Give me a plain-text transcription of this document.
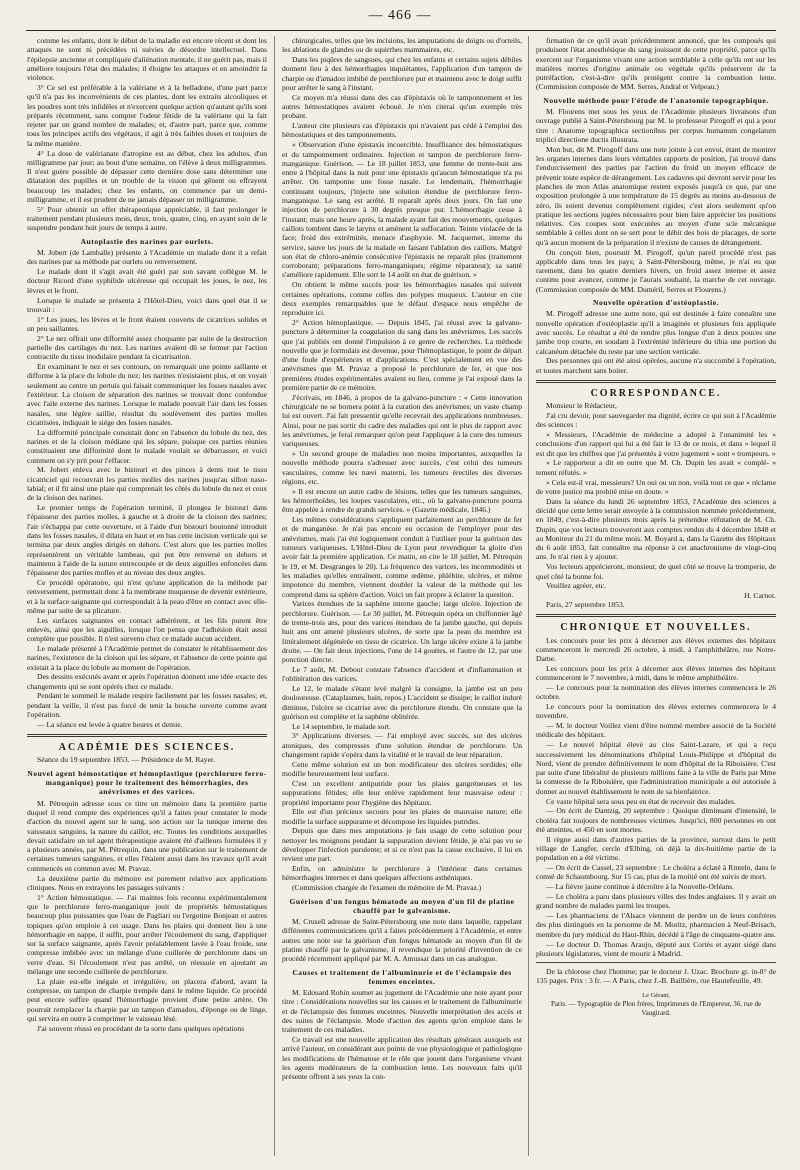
— 466 —

comme les enfants, dont le début de la maladie est encore récent et dont les attaques ne sont ni précédées ni suivies de désordre intellectuel. Dans l'épilepsie ancienne et compliquée d'aliénation mentale, il ne guérit pas, mais il améliore toujours l'état des malades; il éloigne les attaques et en amoindrit la violence.

3° Ce sel est préférable à la valériane et à la belladone, d'une part parce qu'il n'a pas les inconvénients de ces plantes, dont les extraits alcooliques et les poudres sont très infidèles et n'exercent quelque action qu'autant qu'ils sont préparés récemment, sans compter l'odeur fétide de la valériane qui la fait rejeter par un grand nombre de malades; et, d'autre part, parce que, comme tous les principes actifs des végétaux, il agit à très faibles doses et toujours de la même manière.

4° La dose de valérianate d'atropine est au début, chez les adultes, d'un milligramme par jour; au bout d'une semaine, on l'élève à deux milligrammes. Il n'est guère possible de dépasser cette dernière dose sans déterminer une dilatation des pupilles et un trouble de la vision qui gênent ou effrayent beaucoup les malades; chez les enfants, on commence par un demi-milligramme, et il est prudent de ne jamais dépasser un milligramme.

5° Pour obtenir un effet thérapeutique appréciable, il faut prolonger le traitement pendant plusieurs mois, deux, trois, quatre, cinq, en ayant soin de le suspendre pendant huit jours de temps à autre.

Autoplastie des narines par ourlets.

M. Jobert (de Lamballe) présente à l'Académie un malade dont il a refait des narines par sa méthode par ourlets ou renversement.

Le malade dont il s'agit avait été guéri par son savant collègue M. le docteur Ricord d'une syphilide ulcéreuse qui occupait les joues, le nez, les lèvres et le front.

Lorsque le malade se présenta à l'Hôtel-Dieu, voici dans quel état il se trouvait :

1° Les joues, les lèvres et le front étaient couverts de cicatrices solides et un peu saillantes.

2° Le nez offrait une difformité assez choquante par suite de la destruction partielle des cartilages du nez. Les narines avaient dû se fermer par l'action contractile du tissu inodulaire pendant la cicatrisation.

En examinant le nez et ses contours, on remarquait une pointe saillante et difforme à la place du lobule du nez; les narines n'existaient plus, et on voyait seulement au centre un pertuis qui faisait communiquer les fosses nasales avec l'extérieur. La cloison de séparation des narines se trouvait donc confondue avec l'aile externe des narines. Lorsque le malade pouvait l'air dans les fosses nasales, une légère saillie, résultat du soulèvement des parties molles cicatrisées, indiquait le siége des fosses nasales.

La difformité principale consistait donc en l'absence du lobule du nez, des narines et de la cloison médiane qui les sépare, puisque ces parties réunies constituaient une difformité dont le malade voulait se débarrasser, et voici comment on s'y prit pour l'effacer.

M. Jobert enleva avec le bistouri et des pinces à dents tout le tissu cicatriciel qui recouvrait les parties molles des narines jusqu'au sillon naso-labial; et il fit ainsi une plaie qui comprenait les côtés du lobule du nez et ceux de la cloison des narines.

Le premier temps de l'opération terminé, il plongea le bistouri dans l'épaisseur des parties molles, à gauche et à droite de la cloison des narines; l'air s'échappa par cette ouverture, et à l'aide d'un bistouri boutonné introduit dans les fosses nasales, il dilata en haut et en bas cette incision verticale qui se termina par deux angles dirigés en dehors. C'est alors que les parties molles représentèrent un véritable lambeau, qui put être renversé en dehors et maintenu à l'aide de la suture entrecoupée et de deux aiguilles enfoncées dans l'épaisseur des parties molles et au niveau des deux angles.

Ce procédé opératoire, qui n'est qu'une application de la méthode par renversement, permettait donc à la membrane muqueuse de devenir extérieure, et à la surface saignante qui correspondait à la peau d'être en contact avec elle-même par suite de sa plicature.

Les surfaces saignantes en contact adhérèrent, et les fils purent être enlevés, ainsi que les aiguilles, lorsque l'on pensa que l'adhésion était aussi complète que possible. Il n'est survenu chez ce malade aucun accident.

Le malade présenté à l'Académie permet de constater le rétablissement des narines, l'existence de la cloison qui les sépare, et l'absence de cette pointe qui existait à la place du lobule au moment de l'opération.

Des dessins exécutés avant et après l'opération donnent une idée exacte des changements qui se sont opérés chez ce malade.

Pendant le sommeil le malade respire facilement par les fosses nasales; et, pendant la veille, il n'est pas forcé de tenir la bouche ouverte comme avant l'opération.

— La séance est levée à quatre heures et demie.

ACADÉMIE DES SCIENCES.

Séance du 19 septembre 1853. — Présidence de M. Rayer.

Nouvel agent hémostatique et hémoplastique (perchlorure ferro-manganique) pour le traitement des hémorrhagies, des anévrismes et des varices.

M. Pétrequin adresse sous ce titre un mémoire dans la première partie duquel il rend compte des expériences qu'il a faites pour constater le mode d'action du nouvel agent sur le sang, son action sur la tunique interne des vaisseaux sanguins, la nature du caillot, etc. Toutes les conditions auxquelles devait satisfaire un tel agent thérapeutique avaient été d'ailleurs formulées il y a plusieurs années, par M. Pétrequin, dans une publication sur le traitement de certaines tumeurs sanguines, et elles l'étaient aussi dans les travaux qu'il avait commencés en commun avec M. Pravaz.

La deuxième partie du mémoire est purement relative aux applications cliniques. Nous en extrayons les passages suivants :

1° Action hémostatique. — J'ai maintes fois reconnu expérimentalement que le perchlorure ferro-manganique jouit de propriétés hémostatiques beaucoup plus puissantes que l'eau de Pagliari ou l'ergotine Bonjean et autres topiques qu'on emploie à cet usage. Dans les plaies qui donnent lieu à une hémorrhagie en nappe, il suffit, pour arrêter l'écoulement du sang, d'appliquer sur la surface saignante, après l'avoir préalablement lavée à l'eau froide, une compresse imbibée avec un mélange d'une cuillerée de perchlorure dans un verre d'eau. Si l'écoulement n'est pas arrêté, on réessuie en ajoutant au mélange une seconde cuillerée de perchlorure.

La plaie est-elle inégale et irrégulière, on placera d'abord, avant la compresse, un tampon de charpie trempée dans le même liquide. Ce procédé peut encore suffire quand l'hémorrhagie provient d'une petite artère. On pourrait remplacer la charpie par un tampon d'amadou, d'éponge ou de linge, qui servira en outre à comprimer le vaisseau lésé.

J'ai souvent réussi en procédant de la sorte dans quelques opérations

chirurgicales, telles que les incisions, les amputations de doigts ou d'orteils, les ablations de glandes ou de squirrhes mammaires, etc.

Dans les piqûres de sangsues, qui chez les enfants et certains sujets débiles donnent lieu à des hémorrhagies inquiétantes, l'application d'un tampon de charpie ou d'amadou imbibé de perchlorure pur et maintenu avec le doigt suffit pour arrêter le sang à l'instant.

Ce moyen m'a réussi dans des cas d'épistaxis où le tamponnement et les autres hémostatiques avaient échoué. Je n'en citerai qu'un exemple très probant.

L'auteur cite plusieurs cas d'épistaxis qui n'avaient pas cédé à l'emploi des hémostatiques et des tamponnements.

« Observation d'une épistaxis incoercible. Insuffisance des hémostatiques et du tamponnement ordinaires. Injection et tampon de perchlorure ferro-manganique. Guérison. — Le 18 juillet 1853, une femme de trente-huit ans entre à l'hôpital dans la nuit pour une épistaxis qu'aucun hémostatique n'a pu arrêter. On tamponne une fosse nasale. Le lendemain, l'hémorrhagie continuant toujours, j'injecte une solution étendue de perchlorure ferro-manganique. Le sang est arrêté. Il reparaît après deux jours. On fait une injection de perchlorure à 30 degrés presque pur. L'hémorrhagie cesse à l'instant; mais une heure après, la malade ayant fait des mouvements, quelques caillots tombent dans le larynx et amènent la suffocation. Teinte violacée de la face; froid des extrémités, menace d'asphyxie. M. Jacquemet, interne du service, sauve les jours de la malade en faisant l'ablation des caillots. Malgré son état de chloro-anémie consécutive l'épistaxis ne reparaît plus (traitement corroborant; préparations ferro-manganiques; régime réparateur); sa santé s'améliore rapidement. Elle sort le 14 août en état de guérison. »

On obtient le même succès pour les hémorrhagies nasales qui suivent certaines opérations, comme celles des polypes muqueux. L'auteur en cite deux exemples remarquables que le défaut d'espace nous empêche de reproduire ici.

2° Action hémoplastique. — Depuis 1845, j'ai réussi avec la galvano-puncture à déterminer la coagulation du sang dans les anévrismes. Les succès que j'ai publiés ont donné l'impulsion à ce genre de recherches. La méthode nouvelle que je formulais est devenue, pour l'hémoplastique, le point de départ d'une foule d'expériences et d'applications. C'est spécialement en vue des anévrismes que M. Pravaz a proposé le perchlorure de fer, et que nos premières études expérimentales avaient eu lieu, comme je l'ai exposé dans la première partie de ce mémoire.

J'écrivais, en 1846, à propos de la galvano-puncture : « Cette innovation chirurgicale ne se bornera point à la curation des anévrismes; un vaste champ lui est ouvert. J'ai fait pressentir qu'elle recevrait des applications nombreuses. Ainsi, pour ne pas sortir du cadre des maladies qui ont le plus de rapport avec les anévrismes, je ferai remarquer qu'on peut l'appliquer à la cure des tumeurs variqueuses.

» Un second groupe de maladies non moins importantes, auxquelles la nouvelle méthode pourra s'adresser avec succès, c'est celui des tumeurs vasculaires, comme les nævi materni, les tumeurs érectiles des diverses régions, etc.

» Il est encore un autre cadre de lésions, telles que les tumeurs sanguines, les hémorrhoïdes, les loupes vasculaires, etc., où la galvano-puncture pourra être appelée à rendre de grands services. » (Gazette médicale, 1846.)

Les mêmes considérations s'appliquent parfaitement au perchlorure de fer et de manganèse. Je n'ai pas encore eu occasion de l'employer pour des anévrismes, mais j'ai été logiquement conduit à l'utiliser pour la guérison des tumeurs variqueuses. L'Hôtel-Dieu de Lyon peut revendiquer la gloire d'en avoir fait la première application. Ce matin, en cite le 18 juillet, M. Pétrequin le 19, et M. Desgranges le 20). La fréquence des varices, les incommodités et les maladies qu'elles entraînent, comme œdème, phlébite, ulcères, et même impotence du membre, viennent doubler la valeur de la méthode qui les comprend dans sa sphère d'action. Voici un fait propre à éclairer la question.

Varices étendues de la saphène interne gauche; large ulcère. Injection de perchlorure. Guérison. — Le 30 juillet, M. Pétrequin opéra un chiffonnier âgé de trente-trois ans, pour des varices étendues de la jambe gauche, qui depuis huit ans ont amené plusieurs ulcères, de sorte que la peau du membre est littéralement dégénérée en tissu de cicatrice. Un large ulcère existe à la jambe droite. — On fait deux injections, l'une de 14 gouttes, et l'autre de 12, par une ponction directe.

Le 7 août, M. Debout constate l'absence d'accident et d'inflammation et l'oblitération des varices.

Le 12, le malade s'étant levé malgré la consigne, la jambe est un peu douloureuse. (Cataplasmes, bain, repos.) L'accident se dissipe; le caillot induré diminue, l'ulcère se cicatrise avec du perchlorure étendu. On constate que la guérison est complète et la saphène oblitérée.

Le 14 septembre, le malade sort.

3° Applications diverses. — J'ai employé avec succès, sur des ulcères atoniques, des compresses d'une solution étendue de perchlorure. Un changement rapide s'opéra dans la vitalité et le travail de leur réparation.

Cette même solution est un bon modificateur des ulcères sordides; elle modifie heureusement leur surface.

C'est un excellent antiputride pour les plaies gangréneuses et les suppurations fétides; elle leur enlève rapidement leur mauvaise odeur : propriété importante pour l'hygiène des hôpitaux.

Elle est d'un précieux secours pour les plaies de mauvaise nature; elle modifie la surface suppurante et décompose les liquides putrides.

Depuis que dans mes amputations je fais usage de cette solution pour nettoyer les moignons pendant la suppuration devient fétide, je n'ai pas vu se développer l'infection purulente; et si ce n'est pas la cause exclusive, il lui en revient une part.

Enfin, on administre le perchlorure à l'intérieur dans certaines hémorrhagies internes et dans quelques affections asthéniques.

(Commission chargée de l'examen du mémoire de M. Pravaz.)

Guérison d'un fongus hématode au moyen d'un fil de platine chauffé par le galvanisme.

M. Crusell adresse de Saint-Pétersbourg une note dans laquelle, rappelant différentes communications qu'il a faites précédemment à l'Académie, et entre autres une note sur la guérison d'un fongus hématode au moyen d'un fil de platine chauffé par le galvanisme, il revendique la priorité d'invention de ce procédé récemment appliqué par M. A. Amussat dans un cas analogue.

Causes et traitement de l'albuminurie et de l'éclampsie des femmes enceintes.

M. Edouard Robin soumet au jugement de l'Académie une note ayant pour titre : Considérations nouvelles sur les causes et le traitement de l'albuminurie et de l'éclampsie des femmes enceintes. Nouvelle interprétation des accès et des suites de l'éclampsie. Mode d'action des agents qu'on emploie dans le traitement de ces maladies.

Ce travail est une nouvelle application des résultats généraux auxquels est arrivé l'auteur, en considérant aux points de vue physiologique et pathologique les modifications de l'hématose et le rôle que jouent dans l'organisme vivant les agents modérateurs de la combustion lente. Les nouveaux faits qu'il présente offrent à ses yeux la con-

firmation de ce qu'il avait précédemment annoncé, que les composés qui produisent l'état anesthésique du sang jouissent de cette propriété, parce qu'ils exercent sur l'organisme vivant une action semblable à celle qu'ils ont sur les matières mortes d'origine animale ou végétale qu'ils préservent de la putréfaction, c'est-à-dire qu'ils protègent contre la combustion lente. (Commission composée de MM. Serres, Andral et Velpeau.)

Nouvelle méthode pour l'étude de l'anatomie topographique.

M. Flourens met sous les yeux de l'Académie plusieurs livraisons d'un ouvrage publié à Saint-Pétersbourg par M. le professeur Pirogoff et qui a pour titre : Anatome topographica sectionibus per corpus humanum congelatum triplici directione ductis illustrata.

Mon but, dit M. Pirogoff dans une note jointe à cet envoi, étant de montrer les organes internes dans leurs véritables rapports de position, j'ai trouvé dans l'endurcissement des parties par l'action du froid un moyen efficace de prévenir toute espèce de dérangement. Les cadavres qui devront servir pour les planches de mon Atlas anatomique restent exposés jusqu'à ce que, par une exposition prolongée à une température de 15 degrés au moins au-dessous de zéro, ils soient devenus complètement rigides; c'est alors seulement qu'on pratique les sections jugées nécessaires pour bien faire apprécier les positions relatives. Ces coupes sont exécutées au moyen d'une scie mécanique semblable à celles dont on se sert pour le débit des bois de placages, de sorte qu'à aucun moment de la préparation il n'existe de causes de dérangement.

On conçoit bien, poursuit M. Pirogoff, qu'un pareil procédé n'est pas applicable dans tous les pays; à Saint-Pétersbourg même, je n'ai eu que rarement, dans les quatre derniers hivers, un froid assez intense et assez continu pour avancer, comme je l'aurais souhaité, la marche de cet ouvrage. (Commission composée de MM. Duméril, Serres et Flourens.)

Nouvelle opération d'ostéoplastie.

M. Pirogoff adresse une autre note, qui est destinée à faire connaître une nouvelle opération d'ostéoplastie qu'il a imaginée et plusieurs fois appliquée avec succès. Le résultat a été de rendre plus longue d'un à deux pouces une jambe trop courte, en soudant à l'extrémité inférieure du tibia une portion du calcanéum détachée du reste par une section verticale.

Des personnes qui ont été ainsi opérées, aucune n'a succombé à l'opération, et toutes marchent sans boiter.

CORRESPONDANCE.

Monsieur le Rédacteur,

J'ai cru devoir, pour sauvegarder ma dignité, écrire ce qui suit à l'Académie des sciences :

« Messieurs, l'Académie de médecine a adopté à l'unanimité les » conclusions d'un rapport qui lui a été fait le 13 de ce mois, et dans » lequel il est dit que les chiffres que j'ai présentés à votre jugement » sont « trompeurs. »

» Le rapporteur a dit en outre que M. Ch. Dupin les avait « complé- » tement réfutés. »

» Cela est-il vrai, messieurs? Un oui ou un non, voilà tout ce que » réclame de votre justice ma probité mise en doute. »

Dans la séance du lundi 26 septembre 1853, l'Académie des sciences a décidé que cette lettre serait envoyée à la commission nommée précédemment, en 1849, c'est-à-dire plusieurs mois après la prétendue réfutation de M. Ch. Dupin, que vos lecteurs trouveront aux comptes rendus du 4 décembre 1848 et au Moniteur du 21 du même mois. M. Boyard a, dans la Gazette des Hôpitaux du 6 août 1853, fait connaître ma réponse à cet anachronisme de vingt-cinq ans. Je n'ai rien à y ajouter.

Vos lecteurs apprécieront, monsieur, de quel côté se trouve la tromperie, de quel côté la bonne foi.

Veuillez agréer, etc.

H. Carnot.

Paris, 27 septembre 1853.

CHRONIQUE ET NOUVELLES.

Les concours pour les prix à décerner aux élèves externes des hôpitaux commenceront le mercredi 26 octobre, à midi, à l'amphithéâtre, rue Notre-Dame.

Les concours pour les prix à décerner aux élèves internes des hôpitaux commenceront le 7 novembre, à midi, dans le même amphithéâtre.

— Le concours pour la nomination des élèves internes commencera le 26 octobre.

Le concours pour la nomination des élèves externes commencera le 4 novembre.

— M. le docteur Voillez vient d'être nommé membre associé de la Société médicale des hôpitaux.

— Le nouvel hôpital élevé au clos Saint-Lazare, et qui a reçu successivement les dénominations d'hôpital Louis-Philippe et d'hôpital du Nord, vient de prendre définitivement le nom d'hôpital de la Riboisière. C'est par suite d'une libéralité de plusieurs millions faite à la ville de Paris par Mme la comtesse de la Riboisière, que l'administration municipale a été autorisée à donner au nouvel établissement le nom de sa bienfaitrice.

Ce vaste hôpital sera sous peu en état de recevoir des malades.

— On écrit de Dantzig, 20 septembre : Quoique diminuant d'intensité, le choléra fait toujours de nombreuses victimes. Jusqu'ici, 800 personnes en ont été atteintes, et 450 en sont mortes.

Il règne aussi dans d'autres parties de la province, surtout dans le petit village de Langfer, cercle d'Elbing, où déjà la dix-huitième partie de la population en a été victime.

— On écrit de Cassel, 23 septembre : Le choléra a éclaté à Rinteln, dans le comté de Schaumbourg. Sur 15 cas, plus de la moitié ont été suivis de mort.

— La fièvre jaune continue à décroître à la Nouvelle-Orléans.

— Le choléra a paru dans plusieurs villes des Indes anglaises. Il y avait un grand nombre de malades parmi les troupes.

— Les pharmaciens de l'Alsace viennent de perdre un de leurs confrères des plus distingués en la personne de M. Moritz, pharmacien à Neuf-Brisach, membre du jury médical du Haut-Rhin, décédé à l'âge de cinquante-quatre ans.

— Le docteur D. Thomas Araujo, député aux Cortès et ayant siégé dans plusieurs législatures, vient de mourir à Madrid.

De la chlorose chez l'homme; par le docteur J. Uzac. Brochure gr. in-8° de 135 pages. Prix : 3 fr. — A Paris, chez J.-B. Baillière, rue Hautefeuille, 49.

Le Gérant,
Paris. — Typographie de Plon frères, Imprimeurs de l'Empereur, 36, rue de Vaugirard.
